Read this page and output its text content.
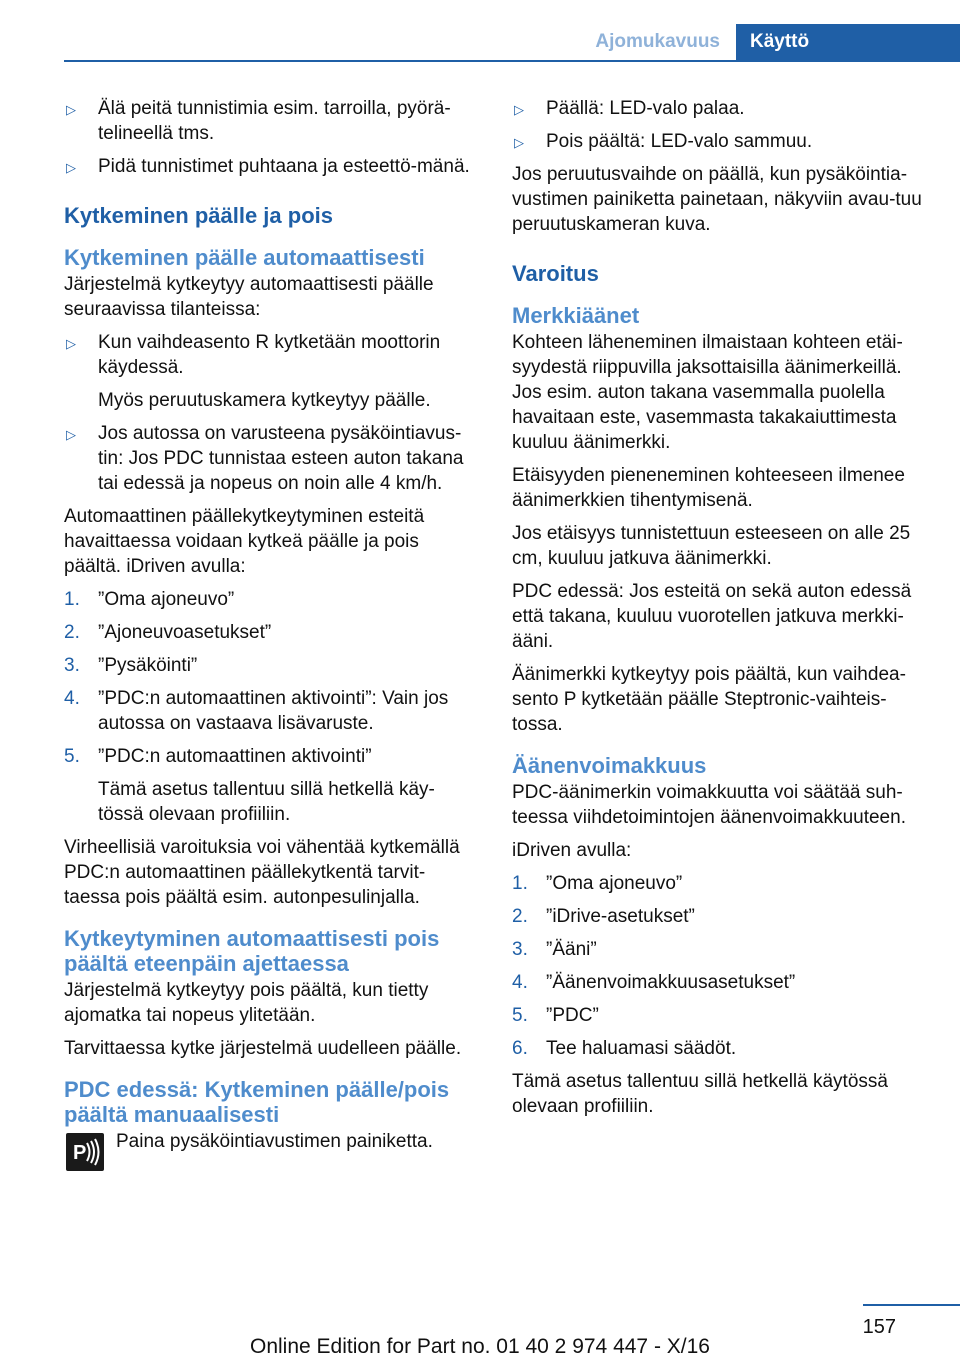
Ajomukavuus	Käyttö
▷ Älä peitä tunnistimia esim. tarroilla, pyörä‐telineellä tms.

▷ Pidä tunnistimet puhtaana ja esteettö‐mänä.

Kytkeminen päälle ja pois
Kytkeminen päälle automaattisesti

Järjestelmä kytkeytyy automaattisesti päälle seuraavissa tilanteissa:

▷ Kun vaihdeasento R kytketään moottorin käydessä.

Myös peruutuskamera kytkeytyy päälle.

▷ Jos autossa on varusteena pysäköintiavus‐tin: Jos PDC tunnistaa esteen auton takana tai edessä ja nopeus on noin alle 4 km/h.

Automaattinen päällekytkeytyminen esteitä havaittaessa voidaan kytkeä päälle ja pois päältä. iDriven avulla:

1. ”Oma ajoneuvo”

2. ”Ajoneuvoasetukset”

3. ”Pysäköinti”

4. ”PDC:n automaattinen aktivointi”: Vain jos autossa on vastaava lisävaruste.

5. ”PDC:n automaattinen aktivointi”

Tämä asetus tallentuu sillä hetkellä käy‐tössä olevaan profiiliin.

Virheellisiä varoituksia voi vähentää kytkemällä PDC:n automaattinen päällekytkentä tarvit‐taessa pois päältä esim. autonpesulinjalla.

Kytkeytyminen automaattisesti pois päältä eteenpäin ajettaessa

Järjestelmä kytkeytyy pois päältä, kun tietty ajomatka tai nopeus ylitetään.

Tarvittaessa kytke järjestelmä uudelleen päälle.

PDC edessä: Kytkeminen päälle/pois päältä manuaalisesti
P

Paina pysäköintiavustimen painiketta.

▷ Päällä: LED-valo palaa.

▷ Pois päältä: LED-valo sammuu.

Jos peruutusvaihde on päällä, kun pysäköintia‐vustimen painiketta painetaan, näkyviin avau‐tuu peruutuskameran kuva.

Varoitus
Merkkiäänet

Kohteen läheneminen ilmaistaan kohteen etäi‐syydestä riippuvilla jaksottaisilla äänimerkeillä. Jos esim. auton takana vasemmalla puolella havaitaan este, vasemmasta takakaiuttimesta kuuluu äänimerkki.

Etäisyyden pieneneminen kohteeseen ilmenee äänimerkkien tihentymisenä.

Jos etäisyys tunnistettuun esteeseen on alle 25 cm, kuuluu jatkuva äänimerkki.

PDC edessä: Jos esteitä on sekä auton edessä että takana, kuuluu vuorotellen jatkuva merkki‐ääni.

Äänimerkki kytkeytyy pois päältä, kun vaihdea‐sento P kytketään päälle Steptronic-vaihteis‐tossa.

Äänenvoimakkuus

PDC-äänimerkin voimakkuutta voi säätää suh‐teessa viihdetoimintojen äänenvoimakkuuteen.

iDriven avulla:

1. ”Oma ajoneuvo”

2. ”iDrive-asetukset”

3. ”Ääni”

4. ”Äänenvoimakkuusasetukset”

5. ”PDC”

6. Tee haluamasi säädöt.

Tämä asetus tallentuu sillä hetkellä käytössä olevaan profiiliin.

157
Online Edition for Part no. 01 40 2 974 447 - X/16
